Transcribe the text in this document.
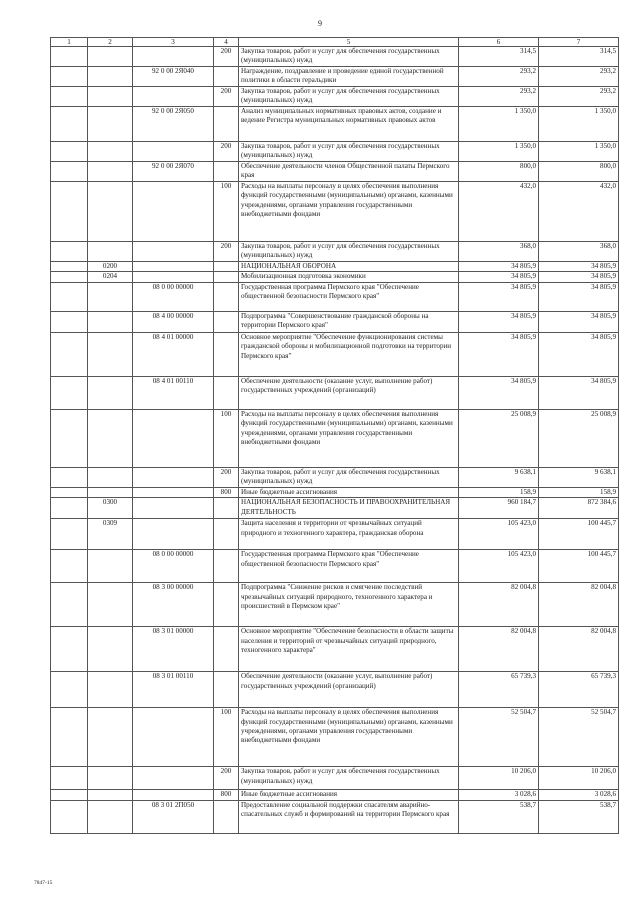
9
1	2	3	4	5	6	7
			200	Закупка товаров, работ и услуг для обеспечения государственных (муниципальных) нужд	314,5	314,5
		92 0 00 2Я040		Награждение, поздравление и проведение единой государственной политики в области геральдики	293,2	293,2
			200	Закупка товаров, работ и услуг для обеспечения государственных (муниципальных) нужд	293,2	293,2
		92 0 00 2Я050		Анализ муниципальных нормативных правовых актов, создание и ведение Регистра муниципальных нормативных правовых актов	1 350,0	1 350,0
			200	Закупка товаров, работ и услуг для обеспечения государственных (муниципальных) нужд	1 350,0	1 350,0
		92 0 00 2Я070		Обеспечение деятельности членов Общественной палаты Пермского края	800,0	800,0
			100	Расходы на выплаты персоналу в целях обеспечения выполнения функций государственными (муниципальными) органами, казенными учреждениями, органами управления государственными внебюджетными фондами	432,0	432,0
			200	Закупка товаров, работ и услуг для обеспечения государственных (муниципальных) нужд	368,0	368,0
	0200			НАЦИОНАЛЬНАЯ ОБОРОНА	34 805,9	34 805,9
	0204			Мобилизационная подготовка экономики	34 805,9	34 805,9
		08 0 00 00000		Государственная программа Пермского края "Обеспечение общественной безопасности Пермского края"	34 805,9	34 805,9
		08 4 00 00000		Подпрограмма "Совершенствование гражданской обороны на территории Пермского края"	34 805,9	34 805,9
		08 4 01 00000		Основное мероприятие "Обеспечение функционирования системы гражданской обороны и мобилизационной подготовки на территории Пермского края"	34 805,9	34 805,9
		08 4 01 00110		Обеспечение деятельности (оказание услуг, выполнение работ) государственных учреждений (организаций)	34 805,9	34 805,9
			100	Расходы на выплаты персоналу в целях обеспечения выполнения функций государственными (муниципальными) органами, казенными учреждениями, органами управления государственными внебюджетными фондами	25 008,9	25 008,9
			200	Закупка товаров, работ и услуг для обеспечения государственных (муниципальных) нужд	9 638,1	9 638,1
			800	Иные бюджетные ассигнования	158,9	158,9
	0300			НАЦИОНАЛЬНАЯ БЕЗОПАСНОСТЬ И ПРАВООХРАНИТЕЛЬНАЯ ДЕЯТЕЛЬНОСТЬ	960 184,7	872 384,6
	0309			Защита населения и территории от чрезвычайных ситуаций природного и техногенного характера, гражданская оборона	105 423,0	100 445,7
		08 0 00 00000		Государственная программа Пермского края "Обеспечение общественной безопасности Пермского края"	105 423,0	100 445,7
		08 3 00 00000		Подпрограмма "Снижение рисков и смягчение последствий чрезвычайных ситуаций природного, техногенного характера и происшествий в Пермском крае"	82 004,8	82 004,8
		08 3 01 00000		Основное мероприятие "Обеспечение безопасности в области защиты населения и территорий от чрезвычайных ситуаций природного, техногенного характера"	82 004,8	82 004,8
		08 3 01 00110		Обеспечение деятельности (оказание услуг, выполнение работ) государственных учреждений (организаций)	65 739,3	65 739,3
			100	Расходы на выплаты персоналу в целях обеспечения выполнения функций государственными (муниципальными) органами, казенными учреждениями, органами управления государственными внебюджетными фондами	52 504,7	52 504,7
			200	Закупка товаров, работ и услуг для обеспечения государственных (муниципальных) нужд	10 206,0	10 206,0
			800	Иные бюджетные ассигнования	3 028,6	3 028,6
		08 3 01 2П050		Предоставление социальной поддержки спасателям аварийно-спасательных служб и формирований на территории Пермского края	538,7	538,7
7847-15
